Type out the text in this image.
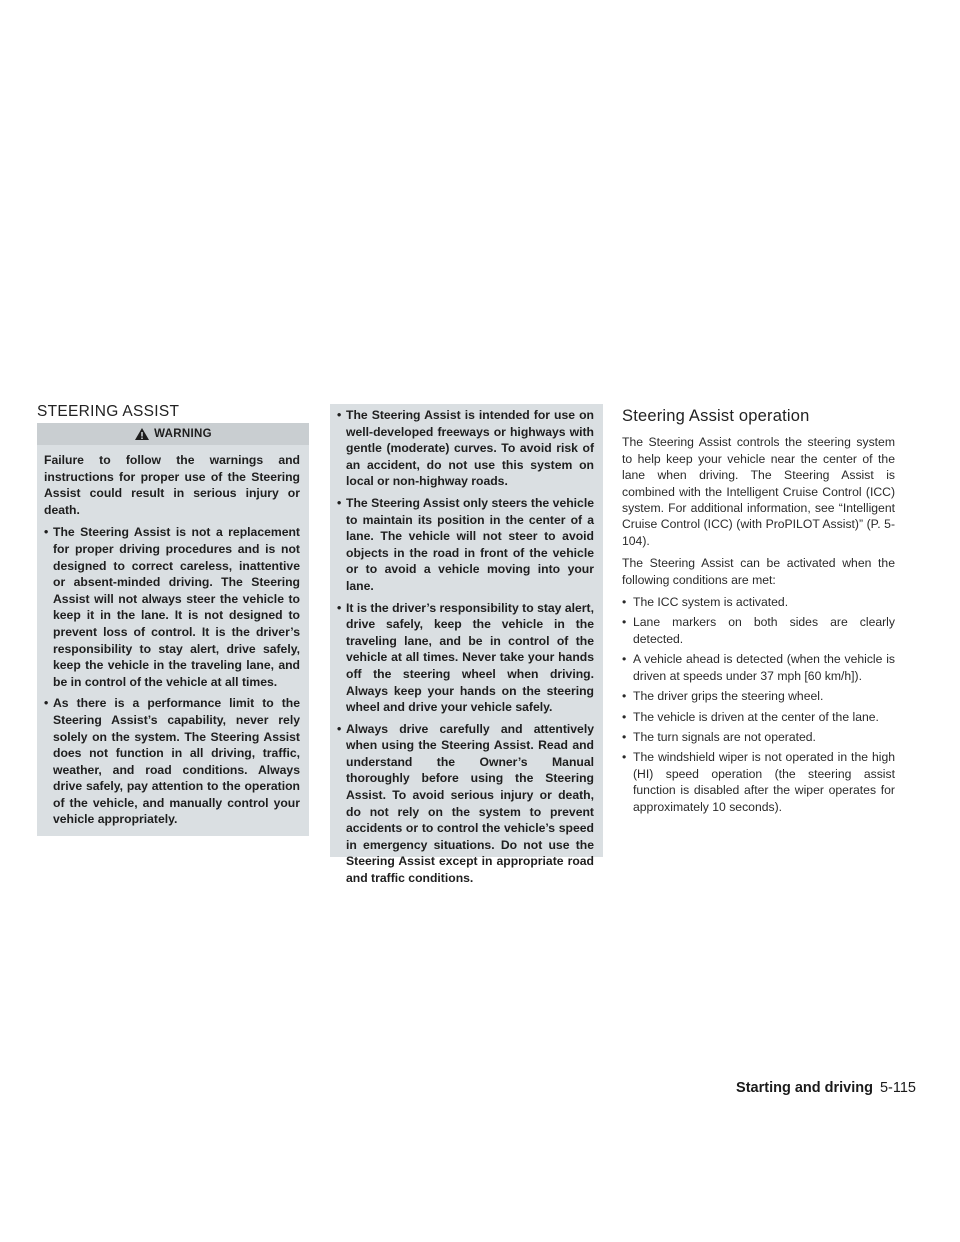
STEERING ASSIST
WARNING

Failure to follow the warnings and instructions for proper use of the Steering Assist could result in serious injury or death.

• The Steering Assist is not a replacement for proper driving procedures and is not designed to correct careless, inattentive or absent-minded driving. The Steering Assist will not always steer the vehicle to keep it in the lane. It is not designed to prevent loss of control. It is the driver’s responsibility to stay alert, drive safely, keep the vehicle in the traveling lane, and be in control of the vehicle at all times.
• As there is a performance limit to the Steering Assist’s capability, never rely solely on the system. The Steering Assist does not function in all driving, traffic, weather, and road conditions. Always drive safely, pay attention to the operation of the vehicle, and manually control your vehicle appropriately.
• The Steering Assist is intended for use on well-developed freeways or highways with gentle (moderate) curves. To avoid risk of an accident, do not use this system on local or non-highway roads.
• The Steering Assist only steers the vehicle to maintain its position in the center of a lane. The vehicle will not steer to avoid objects in the road in front of the vehicle or to avoid a vehicle moving into your lane.
• It is the driver’s responsibility to stay alert, drive safely, keep the vehicle in the traveling lane, and be in control of the vehicle at all times. Never take your hands off the steering wheel when driving. Always keep your hands on the steering wheel and drive your vehicle safely.
• Always drive carefully and attentively when using the Steering Assist. Read and understand the Owner’s Manual thoroughly before using the Steering Assist. To avoid serious injury or death, do not rely on the system to prevent accidents or to control the vehicle’s speed in emergency situations. Do not use the Steering Assist except in appropriate road and traffic conditions.
Steering Assist operation

The Steering Assist controls the steering system to help keep your vehicle near the center of the lane when driving. The Steering Assist is combined with the Intelligent Cruise Control (ICC) system. For additional information, see “Intelligent Cruise Control (ICC) (with ProPILOT Assist)” (P. 5-104).

The Steering Assist can be activated when the following conditions are met:

• The ICC system is activated.
• Lane markers on both sides are clearly detected.
• A vehicle ahead is detected (when the vehicle is driven at speeds under 37 mph [60 km/h]).
• The driver grips the steering wheel.
• The vehicle is driven at the center of the lane.
• The turn signals are not operated.
• The windshield wiper is not operated in the high (HI) speed operation (the steering assist function is disabled after the wiper operates for approximately 10 seconds).
Starting and driving 5-115
